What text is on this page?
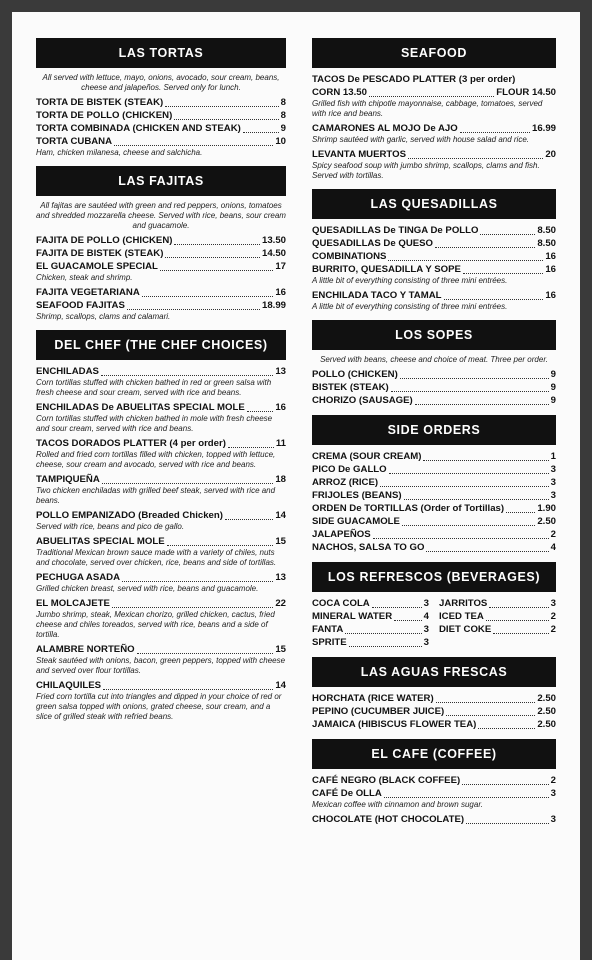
LAS TORTAS
All served with lettuce, mayo, onions, avocado, sour cream, beans, cheese and jalapeños. Served only for lunch.
TORTA DE BISTEK (STEAK)	8
TORTA DE POLLO (CHICKEN)	8
TORTA COMBINADA (CHICKEN AND STEAK)	9
TORTA CUBANA	10
Ham, chicken milanesa, cheese and salchicha.
LAS FAJITAS
All fajitas are sautéed with green and red peppers, onions, tomatoes and shredded mozzarella cheese. Served with rice, beans, sour cream and guacamole.
FAJITA DE POLLO (CHICKEN)	13.50
FAJITA DE BISTEK (STEAK)	14.50
EL GUACAMOLE SPECIAL	17
Chicken, steak and shrimp.
FAJITA VEGETARIANA	16
SEAFOOD FAJITAS	18.99
Shrimp, scallops, clams and calamari.
DEL CHEF (THE CHEF CHOICES)
ENCHILADAS	13
Corn tortillas stuffed with chicken bathed in red or green salsa with fresh cheese and sour cream, served with rice and beans.
ENCHILADAS De ABUELITAS SPECIAL MOLE	16
Corn tortillas stuffed with chicken bathed in mole with fresh cheese and sour cream, served with rice and beans.
TACOS DORADOS PLATTER (4 per order)	11
Rolled and fried corn tortillas filled with chicken, topped with lettuce, cheese, sour cream and avocado, served with rice and beans.
TAMPIQUEÑA	18
Two chicken enchiladas with grilled beef steak, served with rice and beans.
POLLO EMPANIZADO (Breaded Chicken)	14
Served with rice, beans and pico de gallo.
ABUELITAS SPECIAL MOLE	15
Traditional Mexican brown sauce made with a variety of chiles, nuts and chocolate, served over chicken, rice, beans and side of tortillas.
PECHUGA ASADA	13
Grilled chicken breast, served with rice, beans and guacamole.
EL MOLCAJETE	22
Jumbo shrimp, steak, Mexican chorizo, grilled chicken, cactus, fried cheese and chiles toreados, served with rice, beans and a side of tortilla.
ALAMBRE NORTEÑO	15
Steak sautéed with onions, bacon, green peppers, topped with cheese and served over flour tortillas.
CHILAQUILES	14
Fried corn tortilla cut into triangles and dipped in your choice of red or green salsa topped with onions, grated cheese, sour cream, and a slice of grilled steak with refried beans.
SEAFOOD
TACOS De PESCADO PLATTER (3 per order)
CORN 13.50	FLOUR 14.50
Grilled fish with chipotle mayonnaise, cabbage, tomatoes, served with rice and beans.
CAMARONES AL MOJO De AJO	16.99
Shrimp sautéed with garlic, served with house salad and rice.
LEVANTA MUERTOS	20
Spicy seafood soup with jumbo shrimp, scallops, clams and fish. Served with tortillas.
LAS QUESADILLAS
QUESADILLAS De TINGA De POLLO	8.50
QUESADILLAS De QUESO	8.50
COMBINATIONS	16
BURRITO, QUESADILLA Y SOPE	16
A little bit of everything consisting of three mini entrées.
ENCHILADA TACO Y TAMAL	16
A little bit of everything consisting of three mini entrées.
LOS SOPES
Served with beans, cheese and choice of meat. Three per order.
POLLO (CHICKEN)	9
BISTEK (STEAK)	9
CHORIZO (SAUSAGE)	9
SIDE ORDERS
CREMA (SOUR CREAM)	1
PICO De GALLO	3
ARROZ (RICE)	3
FRIJOLES (BEANS)	3
ORDEN De TORTILLAS (Order of Tortillas)	1.90
SIDE GUACAMOLE	2.50
JALAPEÑOS	2
NACHOS, SALSA TO GO	4
LOS REFRESCOS (BEVERAGES)
COCA COLA	3
MINERAL WATER	4
FANTA	3
SPRITE	3
JARRITOS	3
ICED TEA	2
DIET COKE	2
LAS AGUAS FRESCAS
HORCHATA (RICE WATER)	2.50
PEPINO (CUCUMBER JUICE)	2.50
JAMAICA (HIBISCUS FLOWER TEA)	2.50
EL CAFE (COFFEE)
CAFÉ NEGRO (BLACK COFFEE)	2
CAFÉ De OLLA	3
Mexican coffee with cinnamon and brown sugar.
CHOCOLATE (HOT CHOCOLATE)	3
